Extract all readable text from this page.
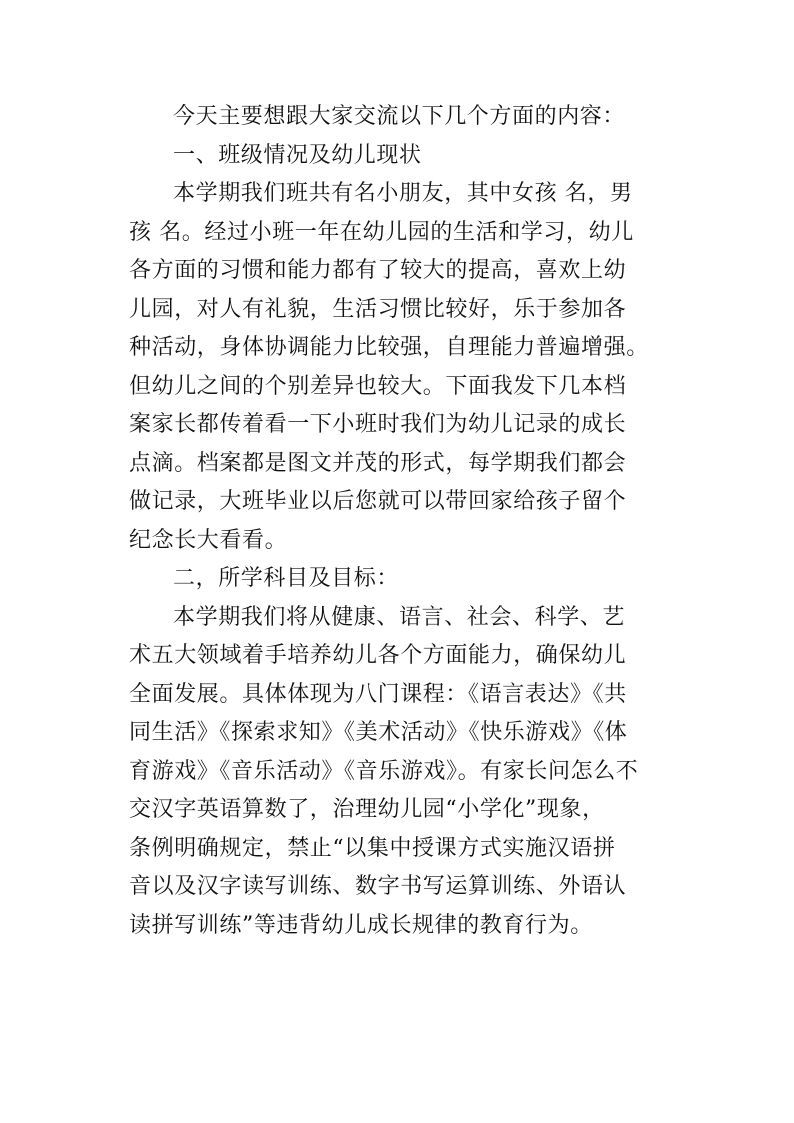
今天主要想跟大家交流以下几个方面的内容：
一、班级情况及幼儿现状
本学期我们班共有名小朋友，其中女孩 名，男
孩 名。经过小班一年在幼儿园的生活和学习，幼儿
各方面的习惯和能力都有了较大的提高，喜欢上幼
儿园，对人有礼貌，生活习惯比较好，乐于参加各
种活动，身体协调能力比较强，自理能力普遍增强。
但幼儿之间的个别差异也较大。下面我发下几本档
案家长都传着看一下小班时我们为幼儿记录的成长
点滴。档案都是图文并茂的形式，每学期我们都会
做记录，大班毕业以后您就可以带回家给孩子留个
纪念长大看看。
二，所学科目及目标：
本学期我们将从健康、语言、社会、科学、艺
术五大领域着手培养幼儿各个方面能力，确保幼儿
全面发展。具体体现为八门课程：《语言表达》《共
同生活》《探索求知》《美术活动》《快乐游戏》《体
育游戏》《音乐活动》《音乐游戏》。有家长问怎么不
交汉字英语算数了，治理幼儿园“小学化”现象，
条例明确规定，禁止“以集中授课方式实施汉语拼
音以及汉字读写训练、数字书写运算训练、外语认
读拼写训练”等违背幼儿成长规律的教育行为。
